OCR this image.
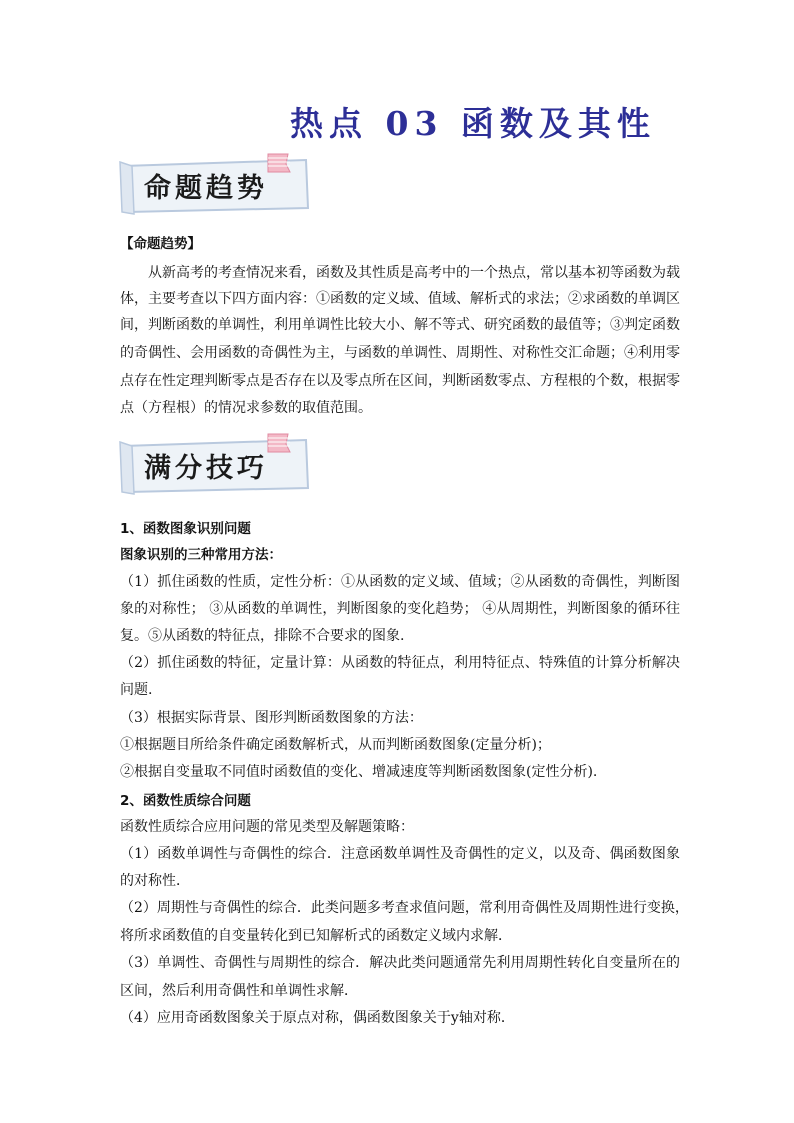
热点 03 函数及其性
命题趋势
【命题趋势】
从新高考的考查情况来看，函数及其性质是高考中的一个热点，常以基本初等函数为载
体，主要考查以下四方面内容：①函数的定义域、值域、解析式的求法；②求函数的单调区
间，判断函数的单调性，利用单调性比较大小、解不等式、研究函数的最值等；③判定函数
的奇偶性、会用函数的奇偶性为主，与函数的单调性、周期性、对称性交汇命题；④利用零
点存在性定理判断零点是否存在以及零点所在区间，判断函数零点、方程根的个数，根据零
点（方程根）的情况求参数的取值范围。
满分技巧
1、函数图象识别问题
图象识别的三种常用方法：
（1）抓住函数的性质，定性分析：①从函数的定义域、值域；②从函数的奇偶性，判断图
象的对称性； ③从函数的单调性，判断图象的变化趋势； ④从周期性，判断图象的循环往
复。⑤从函数的特征点，排除不合要求的图象.
（2）抓住函数的特征，定量计算：从函数的特征点，利用特征点、特殊值的计算分析解决
问题.
（3）根据实际背景、图形判断函数图象的方法：
①根据题目所给条件确定函数解析式，从而判断函数图象(定量分析)；
②根据自变量取不同值时函数值的变化、增减速度等判断函数图象(定性分析).
2、函数性质综合问题
函数性质综合应用问题的常见类型及解题策略：
（1）函数单调性与奇偶性的综合．注意函数单调性及奇偶性的定义，以及奇、偶函数图象
的对称性．
（2）周期性与奇偶性的综合．此类问题多考查求值问题，常利用奇偶性及周期性进行变换，
将所求函数值的自变量转化到已知解析式的函数定义域内求解．
（3）单调性、奇偶性与周期性的综合．解决此类问题通常先利用周期性转化自变量所在的
区间，然后利用奇偶性和单调性求解．
（4）应用奇函数图象关于原点对称，偶函数图象关于y轴对称．
